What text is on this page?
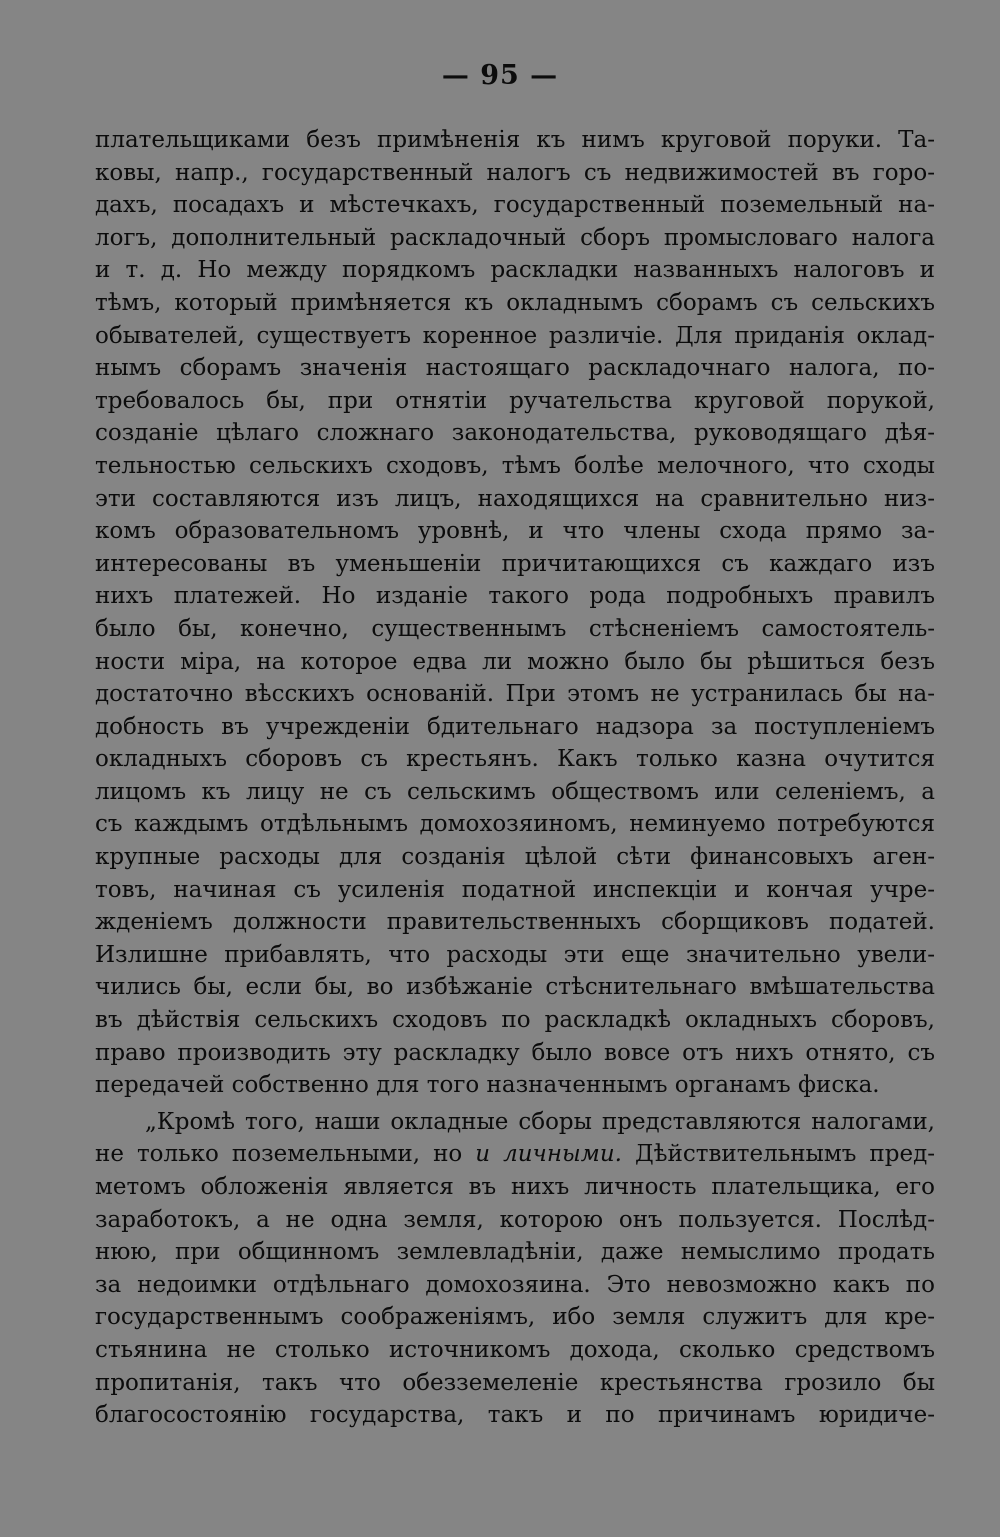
— 95 —
плательщиками безъ примѣненія къ нимъ круговой поруки. Та-
ковы, напр., государственный налогъ съ недвижимостей въ горо-
дахъ, посадахъ и мѣстечкахъ, государственный поземельный на-
логъ, дополнительный раскладочный сборъ промысловаго налога
и т. д. Но между порядкомъ раскладки названныхъ налоговъ и
тѣмъ, который примѣняется къ окладнымъ сборамъ съ сельскихъ
обывателей, существуетъ коренное различіе. Для приданія оклад-
нымъ сборамъ значенія настоящаго раскладочнаго налога, по-
требовалось бы, при отнятіи ручательства круговой порукой,
созданіе цѣлаго сложнаго законодательства, руководящаго дѣя-
тельностью сельскихъ сходовъ, тѣмъ болѣе мелочного, что сходы
эти составляются изъ лицъ, находящихся на сравнительно низ-
комъ образовательномъ уровнѣ, и что члены схода прямо за-
интересованы въ уменьшеніи причитающихся съ каждаго изъ
нихъ платежей. Но изданіе такого рода подробныхъ правилъ
было бы, конечно, существеннымъ стѣсненіемъ самостоятель-
ности міра, на которое едва ли можно было бы рѣшиться безъ
достаточно вѣсскихъ основаній. При этомъ не устранилась бы на-
добность въ учрежденіи бдительнаго надзора за поступленіемъ
окладныхъ сборовъ съ крестьянъ. Какъ только казна очутится
лицомъ къ лицу не съ сельскимъ обществомъ или селеніемъ, а
съ каждымъ отдѣльнымъ домохозяиномъ, неминуемо потребуются
крупные расходы для созданія цѣлой сѣти финансовыхъ аген-
товъ, начиная съ усиленія податной инспекціи и кончая учре-
жденіемъ должности правительственныхъ сборщиковъ податей.
Излишне прибавлять, что расходы эти еще значительно увели-
чились бы, если бы, во избѣжаніе стѣснительнаго вмѣшательства
въ дѣйствія сельскихъ сходовъ по раскладкѣ окладныхъ сборовъ,
право производить эту раскладку было вовсе отъ нихъ отнято, съ
передачей собственно для того назначеннымъ органамъ фиска.
„Кромѣ того, наши окладные сборы представляются налогами,
не только поземельными, но и личными. Дѣйствительнымъ пред-
метомъ обложенія является въ нихъ личность плательщика, его
заработокъ, а не одна земля, которою онъ пользуется. Послѣд-
нюю, при общинномъ землевладѣніи, даже немыслимо продать
за недоимки отдѣльнаго домохозяина. Это невозможно какъ по
государственнымъ соображеніямъ, ибо земля служитъ для кре-
стьянина не столько источникомъ дохода, сколько средствомъ
пропитанія, такъ что обезземеленіе крестьянства грозило бы
благосостоянію государства, такъ и по причинамъ юридиче-
